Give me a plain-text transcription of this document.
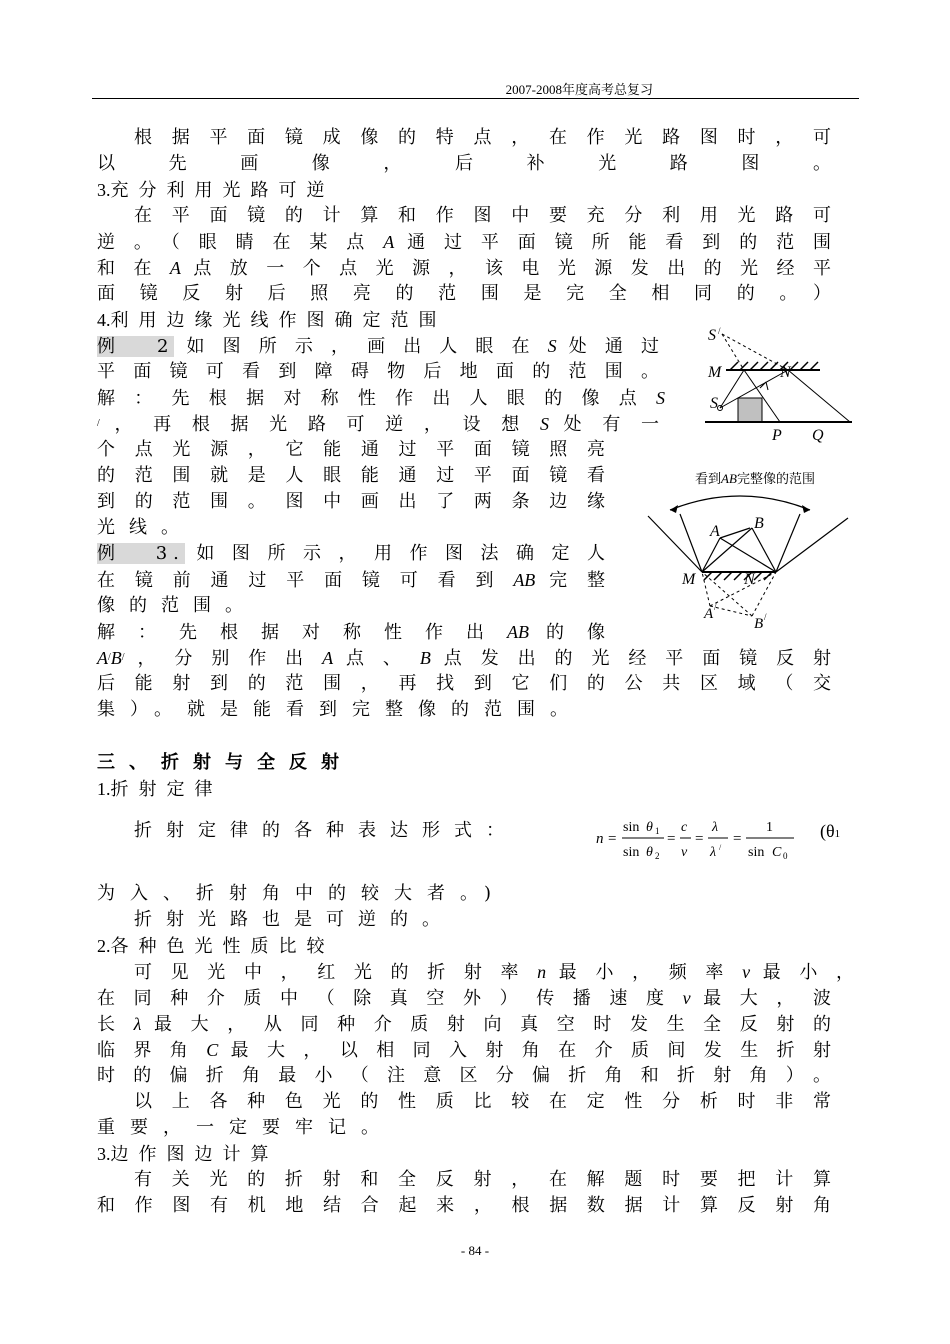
2007-2008年度高考总复习
根据平面镜成像的特点，在作光路图时，可
以先画像，后补光路图。
3.充分利用光路可逆
在平面镜的计算和作图中要充分利用光路可
逆。（眼睛在某点A通过平面镜所能看到的范围
和在A点放一个点光源，该电光源发出的光经平
面镜反射后照亮的范围是完全相同的。）
4.利用边缘光线作图确定范围
例 2如图所示，画出人眼在S处通过
平面镜可看到障碍物后地面的范围。
解：先根据对称性作出人眼的像点S
/，再根据光路可逆，设想S处有一
个点光源，它能通过平面镜照亮
的范围就是人眼能通过平面镜看
到的范围。图中画出了两条边缘
光线。
例 3.如图所示，用作图法确定人
在镜前通过平面镜可看到AB完整
像的范围。
解：先根据对称性作出AB的像
A/B/，分别作出A点、B点发出的光经平面镜反射
后能射到的范围，再找到它们的公共区域（交
集）。就是能看到完整像的范围。
三、折射与全反射
1.折射定律
折射定律的各种表达形式：	(θ1
n =
sin θ 1
sin θ 2
=
c
v
=
λ
λ /
=
1
sin C 0
为入、折射角中的较大者。)
折射光路也是可逆的。
2.各种色光性质比较
可见光中，红光的折射率n最小，频率v最小，
在同种介质中（除真空外）传播速度v最大，波
长λ最大，从同种介质射向真空时发生全反射的
临界角C最大，以相同入射角在介质间发生折射
时的偏折角最小（注意区分偏折角和折射角）。
以上各种色光的性质比较在定性分析时非常
重要，一定要牢记。
3.边作图边计算
有关光的折射和全反射，在解题时要把计算
和作图有机地结合起来，根据数据计算反射角
S /
M	N
S
P Q
看到AB完整像的范围
M	N
A B
A /
B /
- 84 -
